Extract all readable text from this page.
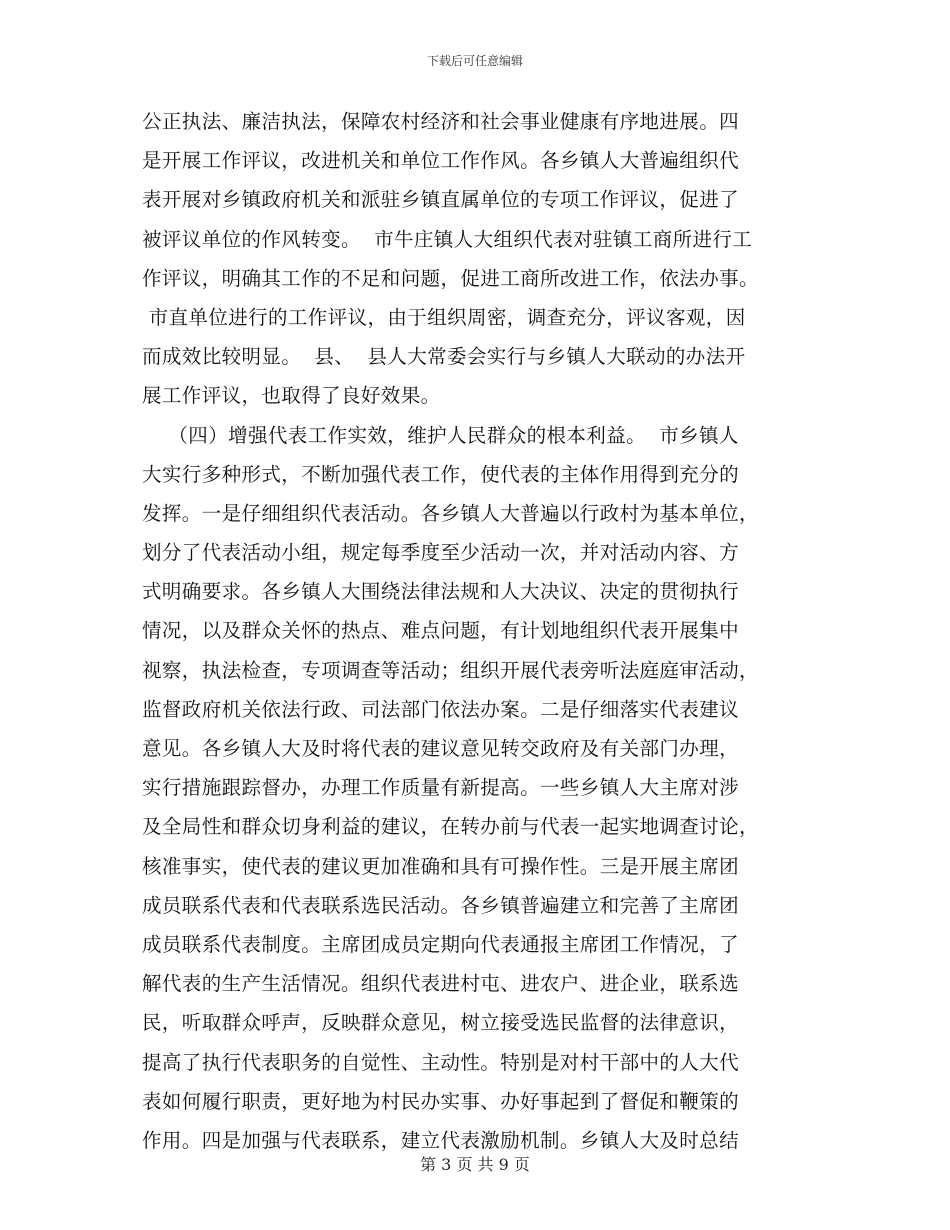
下载后可任意编辑
公正执法、廉洁执法，保障农村经济和社会事业健康有序地进展。四
是开展工作评议，改进机关和单位工作作风。各乡镇人大普遍组织代
表开展对乡镇政府机关和派驻乡镇直属单位的专项工作评议，促进了
被评议单位的作风转变。  市牛庄镇人大组织代表对驻镇工商所进行工
作评议，明确其工作的不足和问题，促进工商所改进工作，依法办事。
市直单位进行的工作评议，由于组织周密，调查充分，评议客观，因
而成效比较明显。  县、  县人大常委会实行与乡镇人大联动的办法开
展工作评议，也取得了良好效果。
（四）增强代表工作实效，维护人民群众的根本利益。  市乡镇人
大实行多种形式，不断加强代表工作，使代表的主体作用得到充分的
发挥。一是仔细组织代表活动。各乡镇人大普遍以行政村为基本单位，
划分了代表活动小组，规定每季度至少活动一次，并对活动内容、方
式明确要求。各乡镇人大围绕法律法规和人大决议、决定的贯彻执行
情况，以及群众关怀的热点、难点问题，有计划地组织代表开展集中
视察，执法检查，专项调查等活动；组织开展代表旁听法庭庭审活动，
监督政府机关依法行政、司法部门依法办案。二是仔细落实代表建议
意见。各乡镇人大及时将代表的建议意见转交政府及有关部门办理，
实行措施跟踪督办，办理工作质量有新提高。一些乡镇人大主席对涉
及全局性和群众切身利益的建议，在转办前与代表一起实地调查讨论，
核准事实，使代表的建议更加准确和具有可操作性。三是开展主席团
成员联系代表和代表联系选民活动。各乡镇普遍建立和完善了主席团
成员联系代表制度。主席团成员定期向代表通报主席团工作情况，了
解代表的生产生活情况。组织代表进村屯、进农户、进企业，联系选
民，听取群众呼声，反映群众意见，树立接受选民监督的法律意识，
提高了执行代表职务的自觉性、主动性。特别是对村干部中的人大代
表如何履行职责，更好地为村民办实事、办好事起到了督促和鞭策的
作用。四是加强与代表联系，建立代表激励机制。乡镇人大及时总结
第 3 页 共 9 页
